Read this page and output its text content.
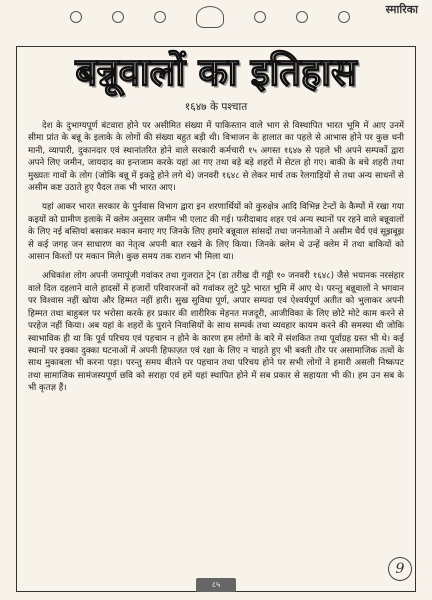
स्मारिका
बन्नूवालों का इतिहास
१६४७ के पश्चात

देश के दुभाग्यपूर्ण बंटवारा होने पर असीमित संख्या में पाकिस्तान वाले भाग से विस्थापित भारत भूमि में आए उनमें सीमा प्रांत के बन्नू के इलाके के लोगों की संख्या बहुत बड़ी थी। विभाजन के हालात का पहले से आभास होने पर कुछ धनी मानी, व्यापारी, दुकानदार एवं स्थानांतरित होने वाले सरकारी कर्मचारी १५ अगस्त १६४७ से पहले भी अपने सम्पर्को द्वारा अपने लिए जमीन, जायदाद का इन्तजाम करके यहां आ गए तथा बड़े बड़े शहरों में सेटल हो गए। बाकी के बचे शहरी तथा मुख्यतः गावों के लोग (जोकि बन्नू में इकट्ठे होने लगे थे) जनवरी १६४८ से लेकर मार्च तक रेलगाड़ियों से तथा अन्य साधनों से असीम कष्ट उठाते हुए पैदल तक भी भारत आए।

यहां आकर भारत सरकार के पुर्नवास विभाग द्वारा इन शरणार्थियों को कुरुक्षेत्र आदि विभिन्न टेन्टों के कैम्पों में रखा गया कइयों को ग्रामीण इलाके में क्लेम अनुसार जमीन भी एलाट की गई। फरीदाबाद शहर एवं अन्य स्थानों पर रहने वाले बन्नूवालों के लिए नई बस्तियां बसाकर मकान बनाए गए जिनके लिए हमारे बन्नूवाल सांसदों तथा जननेताओं ने असीम धैर्य एवं सूझबूझ से कई जगह जन साधारण का नेतृत्व अपनी बात रखने के लिए किया। जिनके क्लेम थे उन्हें क्लेम में तथा बाकियों को आसान किश्तों पर मकान मिले। कुछ समय तक राशन भी मिला था।

अधिकांश लोग अपनी जमापूंजी गवांकर तथा गुजरात ट्रेन (डा तरीख दी गड्डी १० जनवरी १६४८) जैसे भयानक नरसंहार वाले दिल दहलाने वाले हादसों में हजारों परिवारजनों को गवांकर लुटे पुटे भारत भूमि में आए थे। परन्तु बन्नूवालों ने भगवान पर विश्वास नहीं खोया और हिम्मत नहीं हारी। सुख सुविधा पूर्ण, अपार सम्पदा एवं ऐश्वर्यपूर्ण अतीत को भुलाकर अपनी हिम्मत तथा बाहुबल पर भरोसा करके हर प्रकार की शारीरिक मेहनत मजदूरी, आजीविका के लिए छोटे मोटे काम करने से परहेज नहीं किया। अब यहां के शहरों के पुराने निवासियों के साथ सम्पर्क तथा व्यवहार कायम करने की समस्या थी जोकि स्वाभाविक ही था कि पूर्व परिचय एवं पहचान न होने के कारण हम लोगों के बारे में संशकित तथा पूर्वाग्रह ग्रस्त भी थे। कई स्थानों पर इक्का दुक्का घटनाओं में अपनी हिफाज़त एवं रक्षा के लिए न चाहते हुए भी बक्ती तौर पर असामाजिक तत्वों के साथ मुकाबला भी करना पड़ा। परन्तु समय बीतने पर पहचान तथा परिचय होने पर सभी लोगों ने हमारी असली निष्कपट तथा सामाजिक सामंजस्यपूर्ण छवि को सराहा एवं हमें यहां स्थापित होने में सब प्रकार से सहायता भी की। हम उन सब के भी कृतज्ञ हैं।

८५
9
